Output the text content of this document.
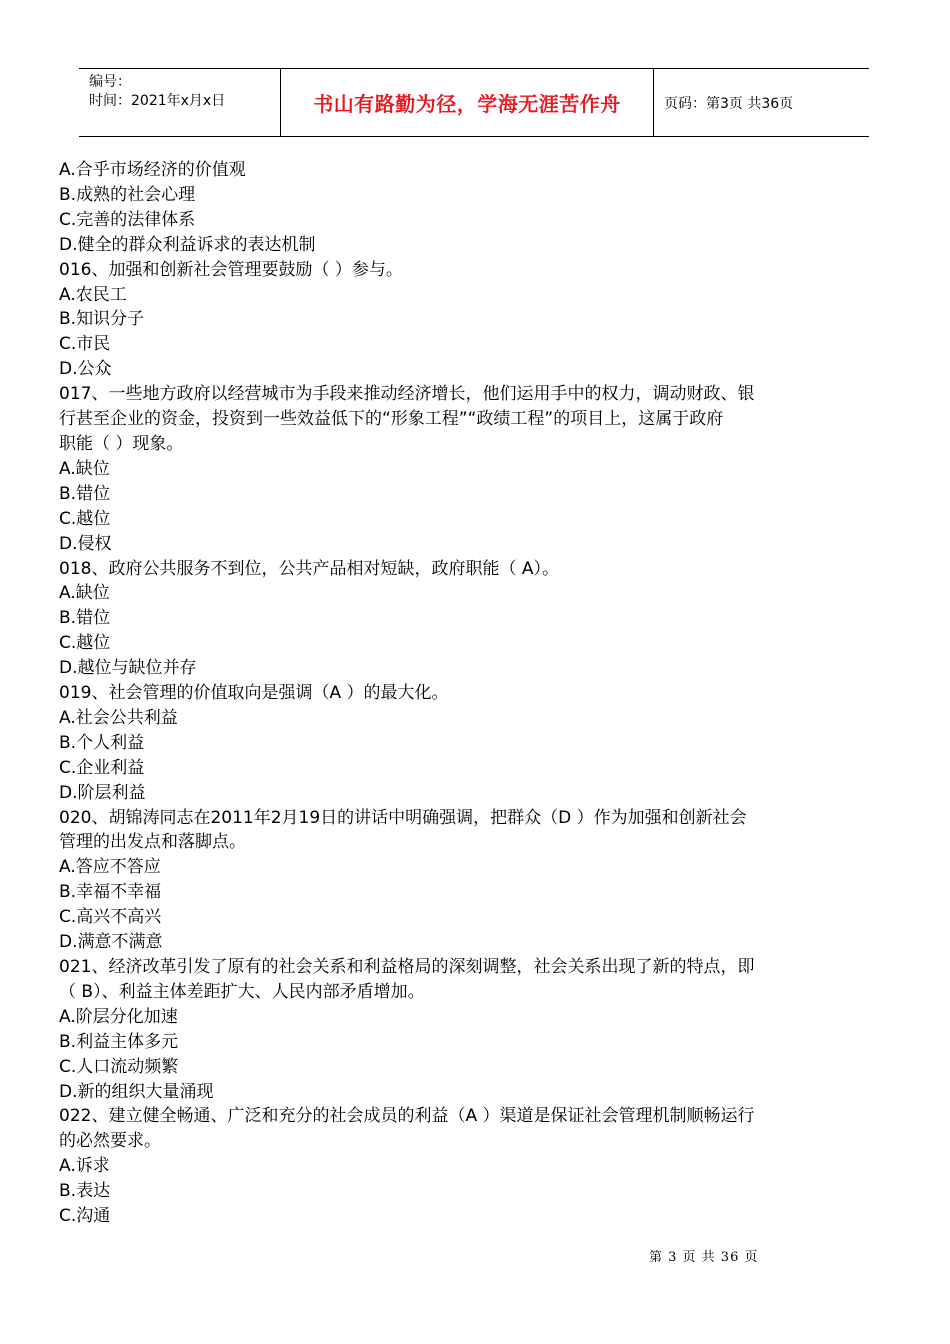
编号：
时间：2021年x月x日	书山有路勤为径，学海无涯苦作舟	页码：第3页 共36页
A.合乎市场经济的价值观
B.成熟的社会心理
C.完善的法律体系
D.健全的群众利益诉求的表达机制
016、加强和创新社会管理要鼓励（ ）参与。
A.农民工
B.知识分子
C.市民
D.公众
017、一些地方政府以经营城市为手段来推动经济增长，他们运用手中的权力，调动财政、银
行甚至企业的资金，投资到一些效益低下的“形象工程”“政绩工程”的项目上，这属于政府
职能（ ）现象。
A.缺位
B.错位
C.越位
D.侵权
018、政府公共服务不到位，公共产品相对短缺，政府职能（ A）。
A.缺位
B.错位
C.越位
D.越位与缺位并存
019、社会管理的价值取向是强调（A ）的最大化。
A.社会公共利益
B.个人利益
C.企业利益
D.阶层利益
020、胡锦涛同志在2011年2月19日的讲话中明确强调，把群众（D ）作为加强和创新社会
管理的出发点和落脚点。
A.答应不答应
B.幸福不幸福
C.高兴不高兴
D.满意不满意
021、经济改革引发了原有的社会关系和利益格局的深刻调整，社会关系出现了新的特点，即
（ B）、利益主体差距扩大、人民内部矛盾增加。
A.阶层分化加速
B.利益主体多元
C.人口流动频繁
D.新的组织大量涌现
022、建立健全畅通、广泛和充分的社会成员的利益（A ）渠道是保证社会管理机制顺畅运行
的必然要求。
A.诉求
B.表达
C.沟通
第 3 页 共 36 页
